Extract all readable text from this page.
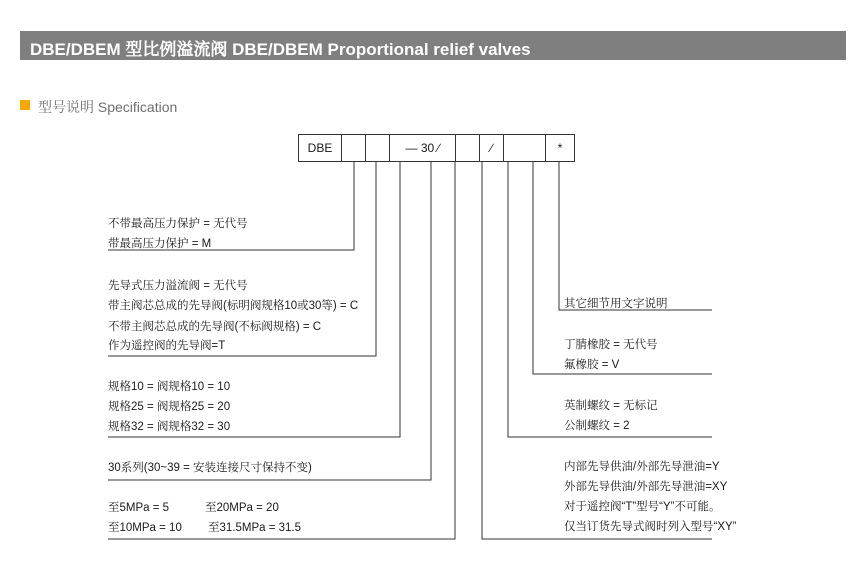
DBE/DBEM 型比例溢流阀 DBE/DBEM Proportional relief valves
型号说明 Specification
DBE	— 30 ∕	∕	*
不带最高压力保护 = 无代号
带最高压力保护 = M
先导式压力溢流阀 = 无代号
带主阀芯总成的先导阀(标明阀规格10或30等) = C
不带主阀芯总成的先导阀(不标阀规格) = C
作为遥控阀的先导阀=T
规格10 = 阀规格10 = 10
规格25 = 阀规格25 = 20
规格32 = 阀规格32 = 30
30系列(30~39 = 安装连接尺寸保持不变)
至5MPa = 5
至10MPa = 10
至20MPa = 20
至31.5MPa = 31.5
其它细节用文字说明
丁腈橡胶 = 无代号
氟橡胶 = V
英制螺纹 = 无标记
公制螺纹 = 2
内部先导供油/外部先导泄油=Y
外部先导供油/外部先导泄油=XY
对于遥控阀“T”型号“Y”不可能。
仅当订货先导式阀时列入型号“XY”
